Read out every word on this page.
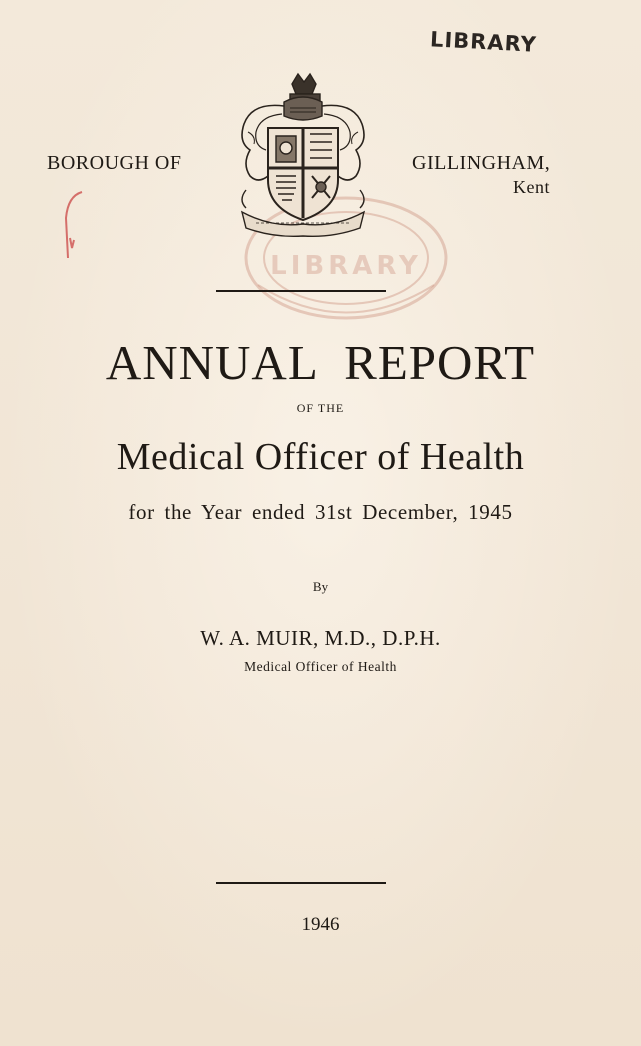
LIBRARY
LIBRARY
BOROUGH OF	GILLINGHAM,
Kent
ANNUAL REPORT
OF THE
Medical Officer of Health
for the Year ended 31st December, 1945
By
W. A. MUIR, M.D., D.P.H.
Medical Officer of Health
1946
